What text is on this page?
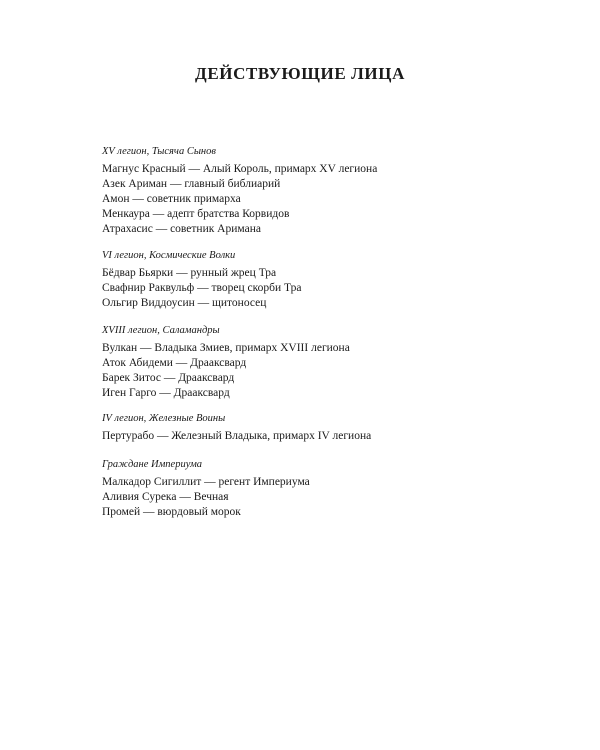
ДЕЙСТВУЮЩИЕ ЛИЦА
XV легион, Тысяча Сынов
Магнус Красный — Алый Король, примарх XV легиона
Азек Ариман — главный библиарий
Амон — советник примарха
Менкаура — адепт братства Корвидов
Атрахасис — советник Аримана
VI легион, Космические Волки
Бёдвар Бьярки — рунный жрец Тра
Свафнир Раквульф — творец скорби Тра
Ольгир Виддоусин — щитоносец
XVIII легион, Саламандры
Вулкан — Владыка Змиев, примарх XVIII легиона
Аток Абидеми — Драаксвард
Барек Зитос — Драаксвард
Иген Гарго — Драаксвард
IV легион, Железные Воины
Пертурабо — Железный Владыка, примарх IV легиона
Граждане Империума
Малкадор Сигиллит — регент Империума
Аливия Сурека — Вечная
Промей — вюрдовый морок
